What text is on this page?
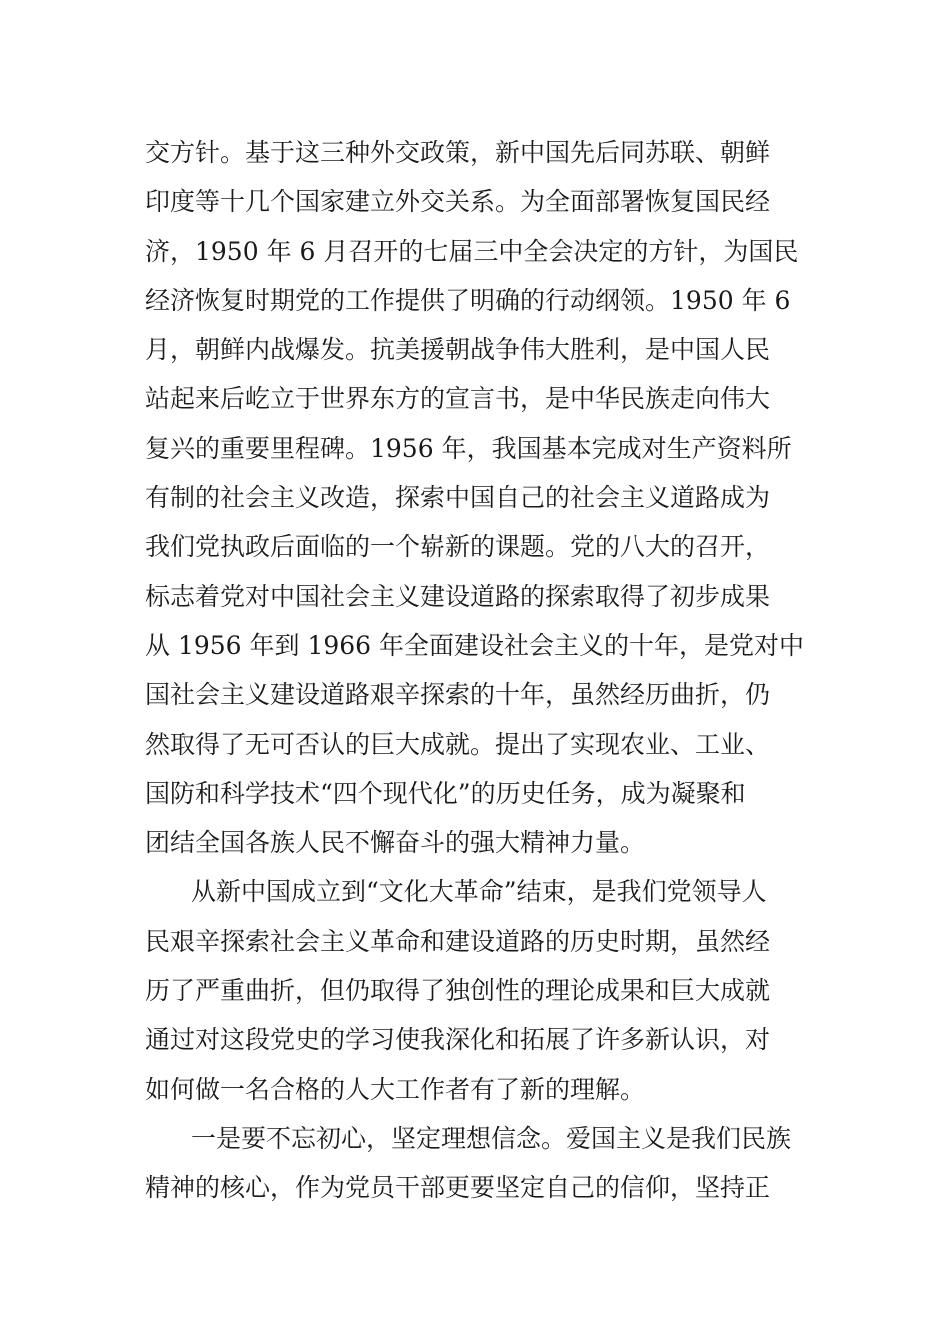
交方针。基于这三种外交政策，新中国先后同苏联、朝鲜
印度等十几个国家建立外交关系。为全面部署恢复国民经
济，1950 年 6 月召开的七届三中全会决定的方针，为国民
经济恢复时期党的工作提供了明确的行动纲领。1950 年 6
月，朝鲜内战爆发。抗美援朝战争伟大胜利，是中国人民
站起来后屹立于世界东方的宣言书，是中华民族走向伟大
复兴的重要里程碑。1956 年，我国基本完成对生产资料所
有制的社会主义改造，探索中国自己的社会主义道路成为
我们党执政后面临的一个崭新的课题。党的八大的召开，
标志着党对中国社会主义建设道路的探索取得了初步成果
从 1956 年到 1966 年全面建设社会主义的十年，是党对中
国社会主义建设道路艰辛探索的十年，虽然经历曲折，仍
然取得了无可否认的巨大成就。提出了实现农业、工业、
国防和科学技术“四个现代化”的历史任务，成为凝聚和
团结全国各族人民不懈奋斗的强大精神力量。
从新中国成立到“文化大革命”结束，是我们党领导人
民艰辛探索社会主义革命和建设道路的历史时期，虽然经
历了严重曲折，但仍取得了独创性的理论成果和巨大成就
通过对这段党史的学习使我深化和拓展了许多新认识，对
如何做一名合格的人大工作者有了新的理解。
一是要不忘初心，坚定理想信念。爱国主义是我们民族
精神的核心，作为党员干部更要坚定自己的信仰，坚持正
